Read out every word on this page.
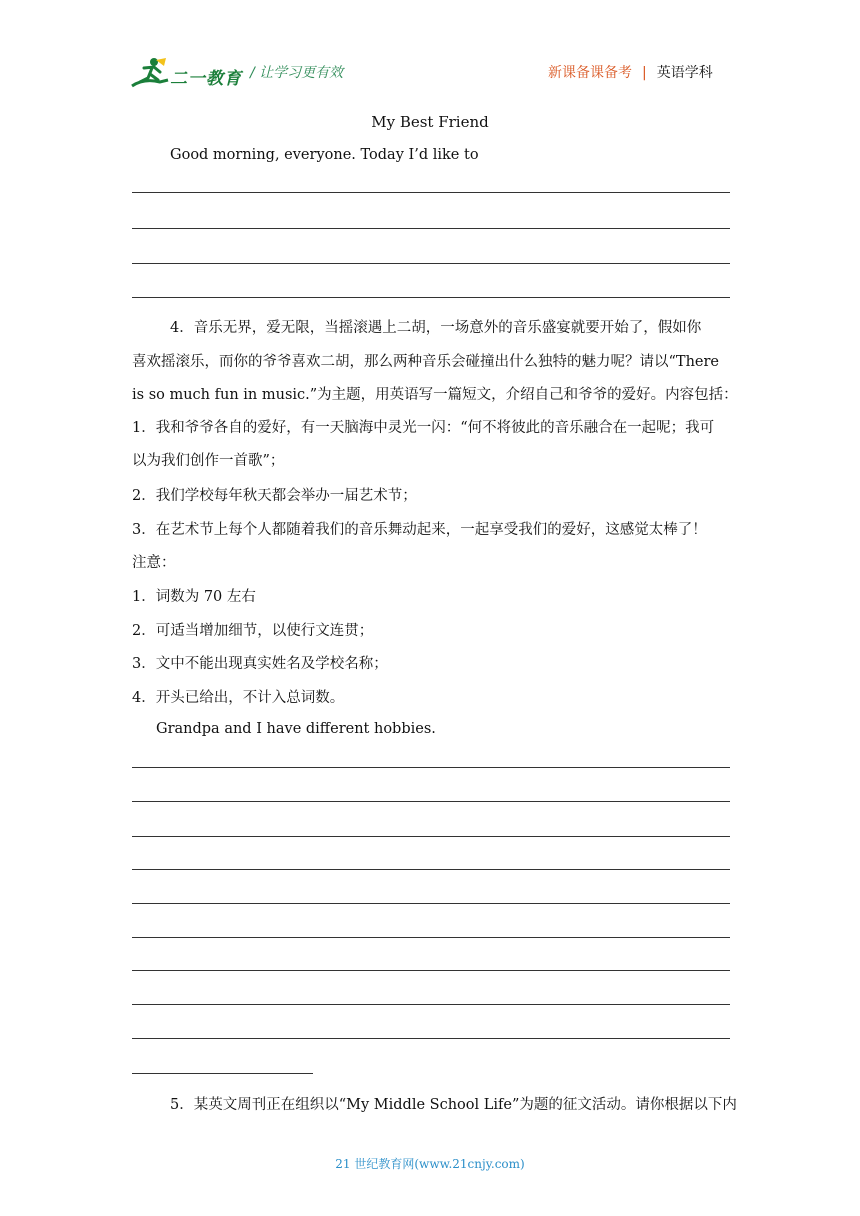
二一教育 / 让学习更有效	新课备课备考 | 英语学科
My Best Friend
Good morning, everyone. Today I’d like to
4．音乐无界，爱无限，当摇滚遇上二胡，一场意外的音乐盛宴就要开始了，假如你
喜欢摇滚乐，而你的爷爷喜欢二胡，那么两种音乐会碰撞出什么独特的魅力呢？请以“There
is so much fun in music.”为主题，用英语写一篇短文，介绍自己和爷爷的爱好。内容包括：
1．我和爷爷各自的爱好，有一天脑海中灵光一闪：“何不将彼此的音乐融合在一起呢；我可
以为我们创作一首歌”；
2．我们学校每年秋天都会举办一届艺术节；
3．在艺术节上每个人都随着我们的音乐舞动起来，一起享受我们的爱好，这感觉太棒了！
注意：
1．词数为 70 左右
2．可适当增加细节，以使行文连贯；
3．文中不能出现真实姓名及学校名称；
4．开头已给出，不计入总词数。
Grandpa and I have different hobbies.
5．某英文周刊正在组织以“My Middle School Life”为题的征文活动。请你根据以下内
21 世纪教育网(www.21cnjy.com)
